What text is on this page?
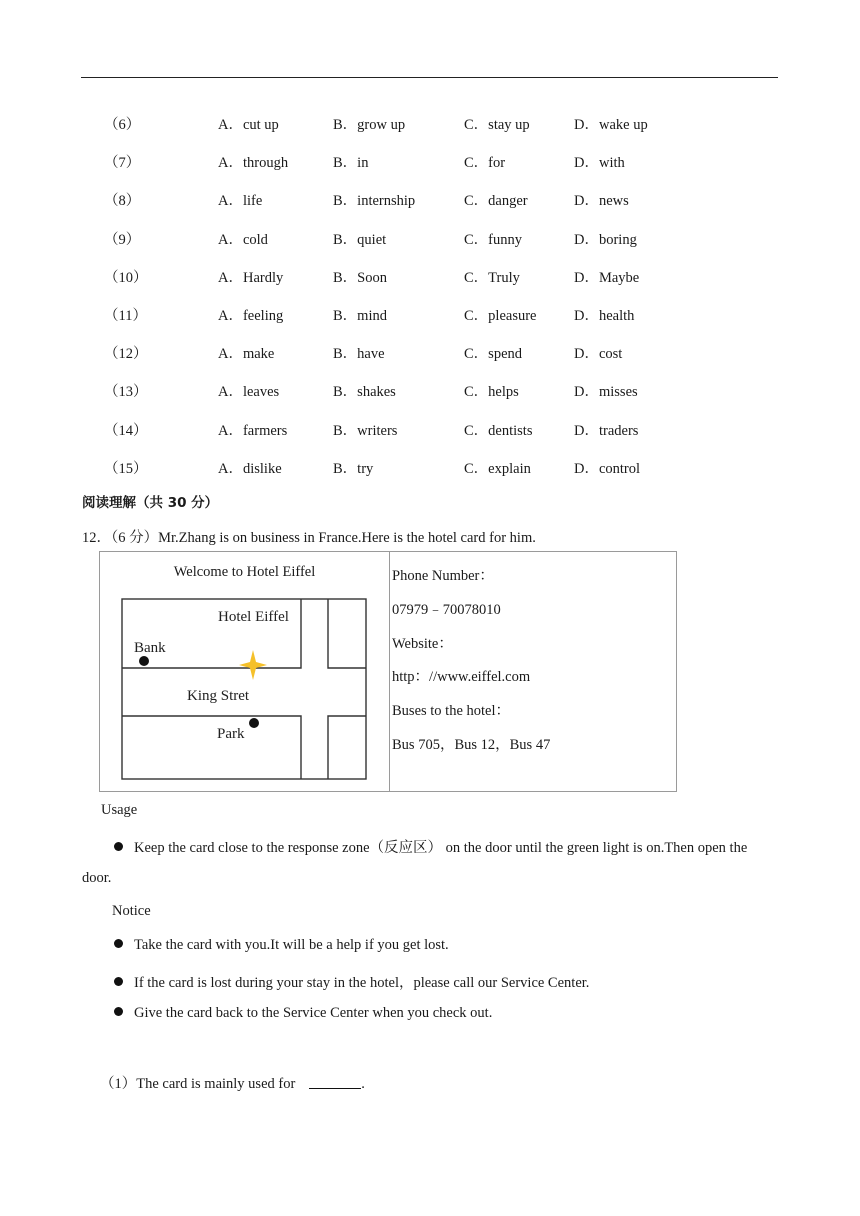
（6）	A．cut up	B．grow up	C．stay up	D．wake up
（7）	A．through	B．in	C．for	D．with
（8）	A．life	B．internship	C．danger	D．news
（9）	A．cold	B．quiet	C．funny	D．boring
（10）	A．Hardly	B．Soon	C．Truly	D．Maybe
（11）	A．feeling	B．mind	C．pleasure	D．health
（12）	A．make	B．have	C．spend	D．cost
（13）	A．leaves	B．shakes	C．helps	D．misses
（14）	A．farmers	B．writers	C．dentists	D．traders
（15）	A．dislike	B．try	C．explain	D．control
阅读理解（共 30 分）
12．（6 分）Mr.Zhang is on business in France.Here is the hotel card for him.
Welcome to Hotel Eiffel
Hotel Eiffel
Bank
King Stret
Park
Phone Number：
07979﹣70078010
Website：
http：//www.eiffel.com
Buses to the hotel：
Bus 705，Bus 12，Bus 47
Usage
Keep the card close to the response zone（反应区） on the door until the green light is on.Then open the
door.
Notice
Take the card with you.It will be a help if you get lost.
If the card is lost during your stay in the hotel，please call our Service Center.
Give the card back to the Service Center when you check out.
（1）The card is mainly used for	.
